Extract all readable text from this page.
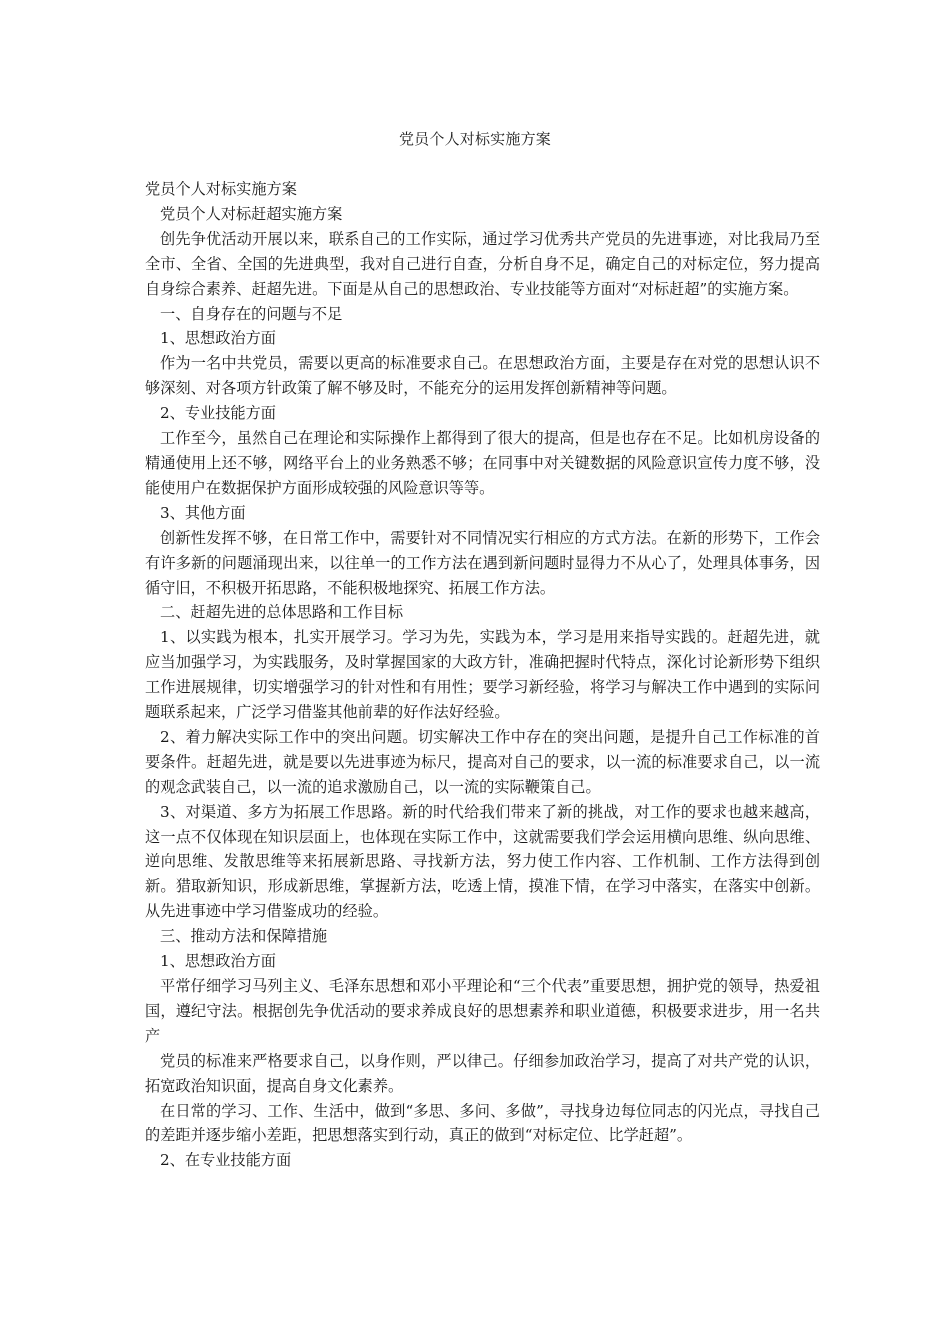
党员个人对标实施方案

党员个人对标实施方案

党员个人对标赶超实施方案

创先争优活动开展以来，联系自己的工作实际，通过学习优秀共产党员的先进事迹，对比我局乃至全市、全省、全国的先进典型，我对自己进行自查，分析自身不足，确定自己的对标定位，努力提高自身综合素养、赶超先进。下面是从自己的思想政治、专业技能等方面对“对标赶超”的实施方案。

一、自身存在的问题与不足

1、思想政治方面

作为一名中共党员，需要以更高的标准要求自己。在思想政治方面，主要是存在对党的思想认识不够深刻、对各项方针政策了解不够及时，不能充分的运用发挥创新精神等问题。

2、专业技能方面

工作至今，虽然自己在理论和实际操作上都得到了很大的提高，但是也存在不足。比如机房设备的精通使用上还不够，网络平台上的业务熟悉不够；在同事中对关键数据的风险意识宣传力度不够，没能使用户在数据保护方面形成较强的风险意识等等。

3、其他方面

创新性发挥不够，在日常工作中，需要针对不同情况实行相应的方式方法。在新的形势下，工作会有许多新的问题涌现出来，以往单一的工作方法在遇到新问题时显得力不从心了，处理具体事务，因循守旧，不积极开拓思路，不能积极地探究、拓展工作方法。

二、赶超先进的总体思路和工作目标

1、以实践为根本，扎实开展学习。学习为先，实践为本，学习是用来指导实践的。赶超先进，就应当加强学习，为实践服务，及时掌握国家的大政方针，准确把握时代特点，深化讨论新形势下组织工作进展规律，切实增强学习的针对性和有用性；要学习新经验，将学习与解决工作中遇到的实际问题联系起来，广泛学习借鉴其他前辈的好作法好经验。

2、着力解决实际工作中的突出问题。切实解决工作中存在的突出问题，是提升自己工作标准的首要条件。赶超先进，就是要以先进事迹为标尺，提高对自己的要求，以一流的标准要求自己，以一流的观念武装自己，以一流的追求激励自己，以一流的实际鞭策自己。

3、对渠道、多方为拓展工作思路。新的时代给我们带来了新的挑战，对工作的要求也越来越高，这一点不仅体现在知识层面上，也体现在实际工作中，这就需要我们学会运用横向思维、纵向思维、逆向思维、发散思维等来拓展新思路、寻找新方法，努力使工作内容、工作机制、工作方法得到创新。猎取新知识，形成新思维，掌握新方法，吃透上情，摸准下情，在学习中落实，在落实中创新。从先进事迹中学习借鉴成功的经验。

三、推动方法和保障措施

1、思想政治方面

平常仔细学习马列主义、毛泽东思想和邓小平理论和“三个代表”重要思想，拥护党的领导，热爱祖国，遵纪守法。根据创先争优活动的要求养成良好的思想素养和职业道德，积极要求进步，用一名共产

党员的标准来严格要求自己，以身作则，严以律己。仔细参加政治学习，提高了对共产党的认识，拓宽政治知识面，提高自身文化素养。

在日常的学习、工作、生活中，做到“多思、多问、多做”，寻找身边每位同志的闪光点，寻找自己的差距并逐步缩小差距，把思想落实到行动，真正的做到“对标定位、比学赶超”。

2、在专业技能方面
